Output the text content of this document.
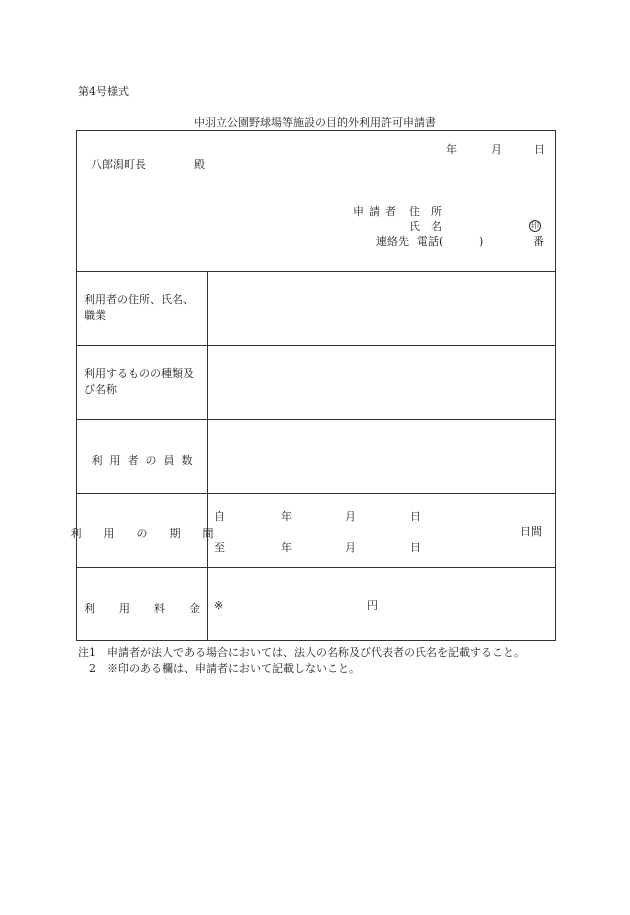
第4号様式
中羽立公園野球場等施設の目的外利用許可申請書
年	月	日
八郎潟町長	殿
申請者 住　所
氏　名	印
連絡先 電話(	)	番
利用者の住所、氏名、職業
利用するものの種類及び名称
利 用 者 の 員 数
利 用 の 期 間
自	年	月	日
至	年	月	日
日間
利 用 料 金 ※	円
注1　申請者が法人である場合においては、法人の名称及び代表者の氏名を記載すること。
　2　※印のある欄は、申請者において記載しないこと。
